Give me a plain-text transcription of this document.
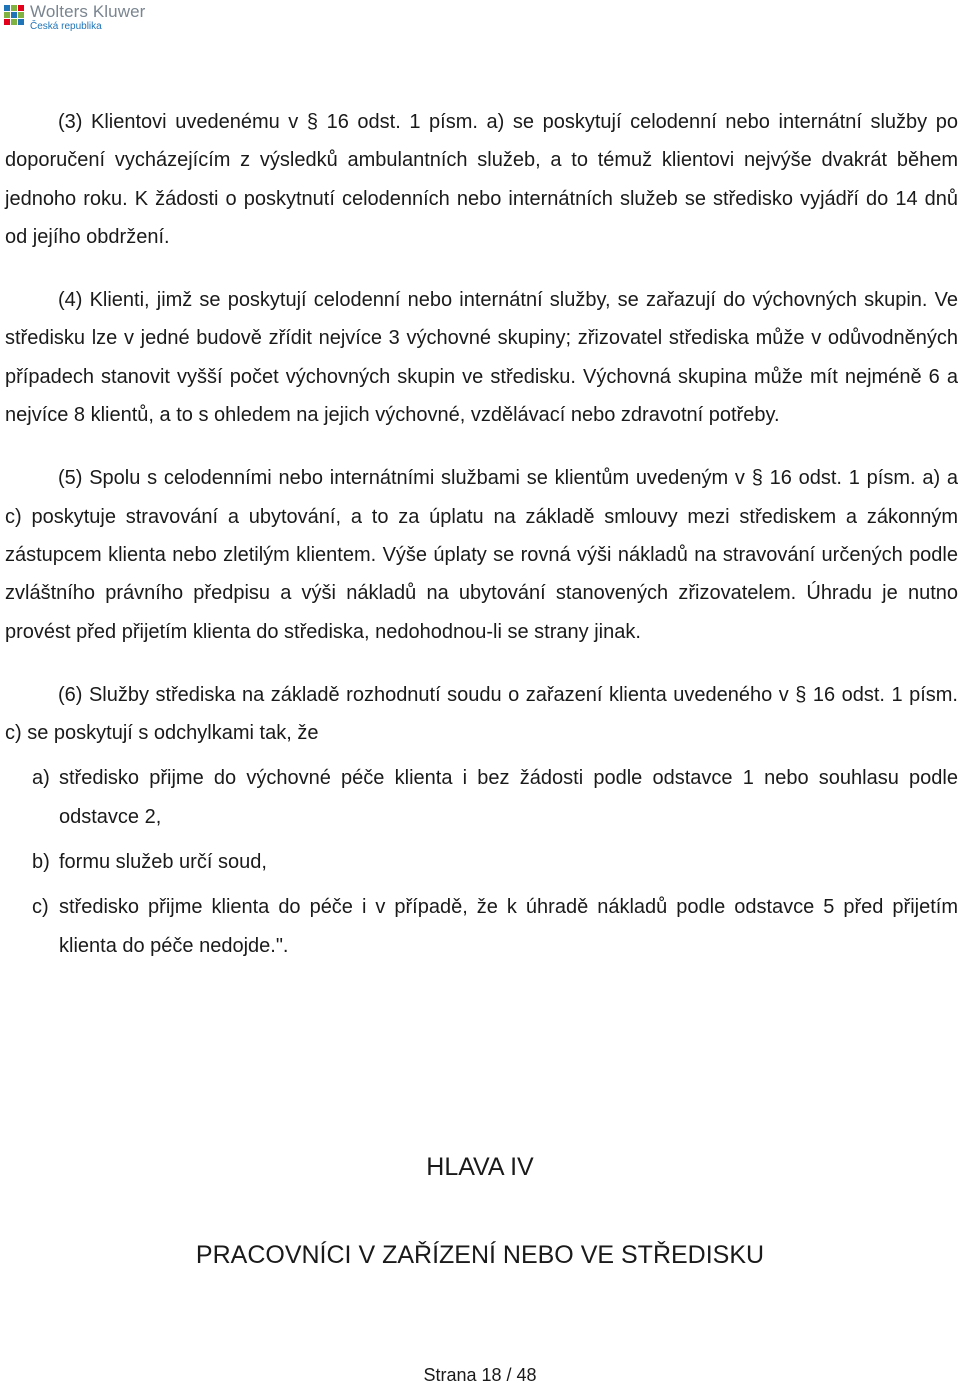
Wolters Kluwer
Česká republika

(3) Klientovi uvedenému v § 16 odst. 1 písm. a) se poskytují celodenní nebo internátní služby po doporučení vycházejícím z výsledků ambulantních služeb, a to témuž klientovi nejvýše dvakrát během jednoho roku. K žádosti o poskytnutí celodenních nebo internátních služeb se středisko vyjádří do 14 dnů od jejího obdržení.

(4) Klienti, jimž se poskytují celodenní nebo internátní služby, se zařazují do výchovných skupin. Ve středisku lze v jedné budově zřídit nejvíce 3 výchovné skupiny; zřizovatel střediska může v odůvodněných případech stanovit vyšší počet výchovných skupin ve středisku. Výchovná skupina může mít nejméně 6 a nejvíce 8 klientů, a to s ohledem na jejich výchovné, vzdělávací nebo zdravotní potřeby.

(5) Spolu s celodenními nebo internátními službami se klientům uvedeným v § 16 odst. 1 písm. a) a c) poskytuje stravování a ubytování, a to za úplatu na základě smlouvy mezi střediskem a zákonným zástupcem klienta nebo zletilým klientem. Výše úplaty se rovná výši nákladů na stravování určených podle zvláštního právního předpisu a výši nákladů na ubytování stanovených zřizovatelem. Úhradu je nutno provést před přijetím klienta do střediska, nedohodnou-li se strany jinak.

(6) Služby střediska na základě rozhodnutí soudu o zařazení klienta uvedeného v § 16 odst. 1 písm. c) se poskytují s odchylkami tak, že

a) středisko přijme do výchovné péče klienta i bez žádosti podle odstavce 1 nebo souhlasu podle odstavce 2,
b) formu služeb určí soud,
c) středisko přijme klienta do péče i v případě, že k úhradě nákladů podle odstavce 5 před přijetím klienta do péče nedojde.".
HLAVA IV
PRACOVNÍCI V ZAŘÍZENÍ NEBO VE STŘEDISKU
Strana 18 / 48
